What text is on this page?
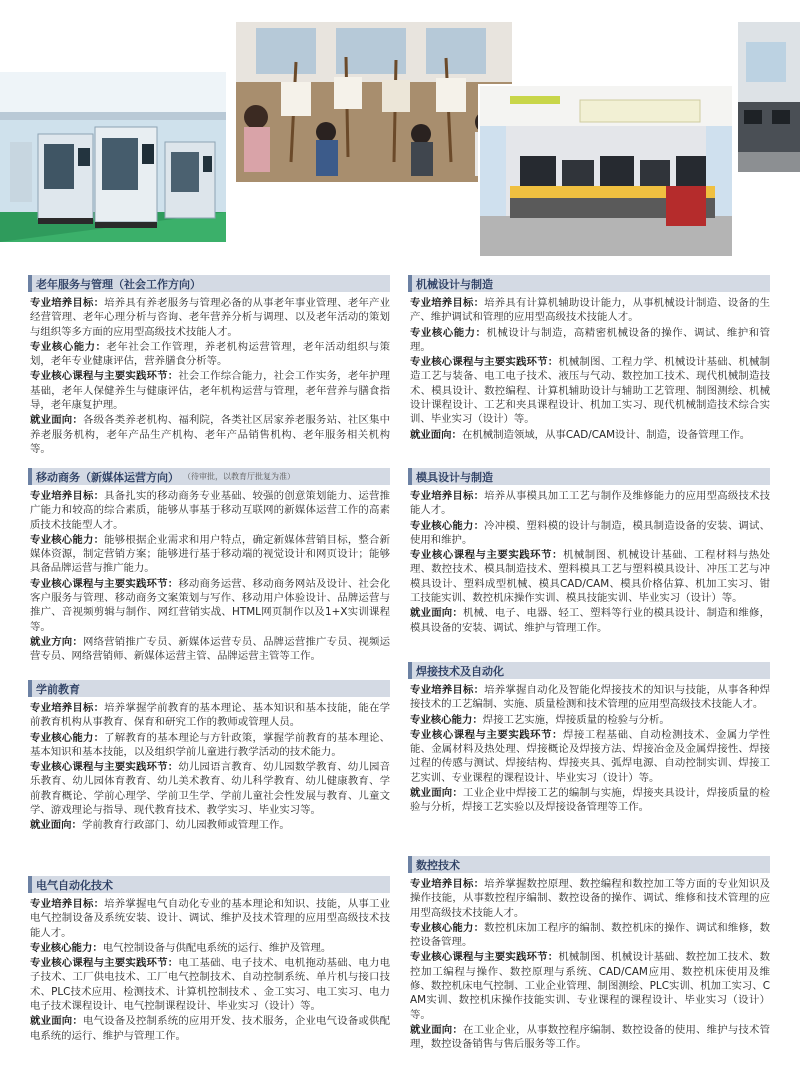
老年服务与管理（社会工作方向）

专业培养目标：培养具有养老服务与管理必备的从事老年事业管理、老年产业经营管理、老年心理分析与咨询、老年营养分析与调理、以及老年活动的策划与组织等多方面的应用型高级技术技能人才。

专业核心能力：老年社会工作管理，养老机构运营管理，老年活动组织与策划，老年专业健康评估，营养膳食分析等。

专业核心课程与主要实践环节：社会工作综合能力，社会工作实务，老年护理基础，老年人保健养生与健康评估，老年机构运营与管理，老年营养与膳食指导，老年康复护理。

就业面向：各级各类养老机构、福利院，各类社区居家养老服务站、社区集中养老服务机构，老年产品生产机构、老年产品销售机构、老年服务相关机构等。

移动商务（新媒体运营方向） （待审批，以教育厅批复为准）

专业培养目标：具备扎实的移动商务专业基础、较强的创意策划能力、运营推广能力和较高的综合素质，能够从事基于移动互联网的新媒体运营工作的高素质技术技能型人才。

专业核心能力：能够根据企业需求和用户特点，确定新媒体营销目标，整合新媒体资源，制定营销方案；能够进行基于移动端的视觉设计和网页设计；能够具备品牌运营与推广能力。

专业核心课程与主要实践环节：移动商务运营、移动商务网站及设计、社会化客户服务与管理、移动商务文案策划与写作、移动用户体验设计、品牌运营与推广、音视频剪辑与制作、网红营销实战、HTML网页制作以及1+X实训课程等。

就业方向：网络营销推广专员、新媒体运营专员、品牌运营推广专员、视频运营专员、网络营销师、新媒体运营主管、品牌运营主管等工作。

学前教育

专业培养目标：培养掌握学前教育的基本理论、基本知识和基本技能，能在学前教育机构从事教育、保育和研究工作的教师或管理人员。

专业核心能力：了解教育的基本理论与方针政策，掌握学前教育的基本理论、基本知识和基本技能，以及组织学前儿童进行教学活动的技术能力。

专业核心课程与主要实践环节：幼儿园语言教育、幼儿园数学教育、幼儿园音乐教育、幼儿园体育教育、幼儿美术教育、幼儿科学教育、幼儿健康教育、学前教育概论、学前心理学、学前卫生学、学前儿童社会性发展与教育、儿童文学、游戏理论与指导、现代教育技术、教学实习、毕业实习等。

就业面向：学前教育行政部门、幼儿园教师或管理工作。

电气自动化技术

专业培养目标：培养掌握电气自动化专业的基本理论和知识、技能，从事工业电气控制设备及系统安装、设计、调试、维护及技术管理的应用型高级技术技能人才。

专业核心能力：电气控制设备与供配电系统的运行、维护及管理。

专业核心课程与主要实践环节：电工基础、电子技术、电机拖动基础、电力电子技术、工厂供电技术、工厂电气控制技术、自动控制系统、单片机与接口技术、PLC技术应用、检测技术、计算机控制技术 、金工实习、电工实习、电力电子技术课程设计、电气控制课程设计、毕业实习（设计）等。

就业面向：电气设备及控制系统的应用开发、技术服务，企业电气设备或供配电系统的运行、维护与管理工作。

机械设计与制造

专业培养目标：培养具有计算机辅助设计能力，从事机械设计制造、设备的生产、维护调试和管理的应用型高级技术技能人才。

专业核心能力：机械设计与制造，高精密机械设备的操作、调试、维护和管理。

专业核心课程与主要实践环节：机械制图、工程力学、机械设计基础、机械制造工艺与装备、电工电子技术、液压与气动、数控加工技术、现代机械制造技术、模具设计、数控编程、计算机辅助设计与辅助工艺管理、制图测绘、机械设计课程设计、工艺和夹具课程设计、机加工实习、现代机械制造技术综合实训、毕业实习（设计）等。

就业面向：在机械制造领域，从事CAD/CAM设计、制造，设备管理工作。

模具设计与制造

专业培养目标：培养从事模具加工工艺与制作及维修能力的应用型高级技术技能人才。

专业核心能力：冷冲模、塑料模的设计与制造，模具制造设备的安装、调试、使用和维护。

专业核心课程与主要实践环节：机械制图、机械设计基础、工程材料与热处理、数控技术、模具制造技术、塑料模具工艺与塑料模具设计、冲压工艺与冲模具设计、塑料成型机械、模具CAD/CAM、模具价格估算、机加工实习、钳工技能实训、数控机床操作实训、模具技能实训、毕业实习（设计）等。

就业面向：机械、电子、电器、轻工、塑料等行业的模具设计、制造和维修，模具设备的安装、调试、维护与管理工作。

焊接技术及自动化

专业培养目标：培养掌握自动化及智能化焊接技术的知识与技能，从事各种焊接技术的工艺编制、实施、质量检测和技术管理的应用型高级技术技能人才。

专业核心能力：焊接工艺实施，焊接质量的检验与分析。

专业核心课程与主要实践环节：焊接工程基础、自动检测技术、金属力学性能、金属材料及热处理、焊接概论及焊接方法、焊接冶金及金属焊接性、焊接过程的传感与测试、焊接结构、焊接夹具、弧焊电源、自动控制实训、焊接工艺实训、专业课程的课程设计、毕业实习（设计）等。

就业面向：工业企业中焊接工艺的编制与实施，焊接夹具设计，焊接质量的检验与分析，焊接工艺实验以及焊接设备管理等工作。

数控技术

专业培养目标：培养掌握数控原理、数控编程和数控加工等方面的专业知识及操作技能，从事数控程序编制、数控设备的操作、调试、维修和技术管理的应用型高级技术技能人才。

专业核心能力：数控机床加工程序的编制、数控机床的操作、调试和维修，数控设备管理。

专业核心课程与主要实践环节：机械制图、机械设计基础、数控加工技术、数控加工编程与操作、数控原理与系统、CAD/CAM应用、数控机床使用及维修、数控机床电气控制、工业企业管理、制图测绘、PLC实训、机加工实习、CAM实训、数控机床操作技能实训、专业课程的课程设计、毕业实习（设计）等。

就业面向：在工业企业，从事数控程序编制、数控设备的使用、维护与技术管理，数控设备销售与售后服务等工作。
